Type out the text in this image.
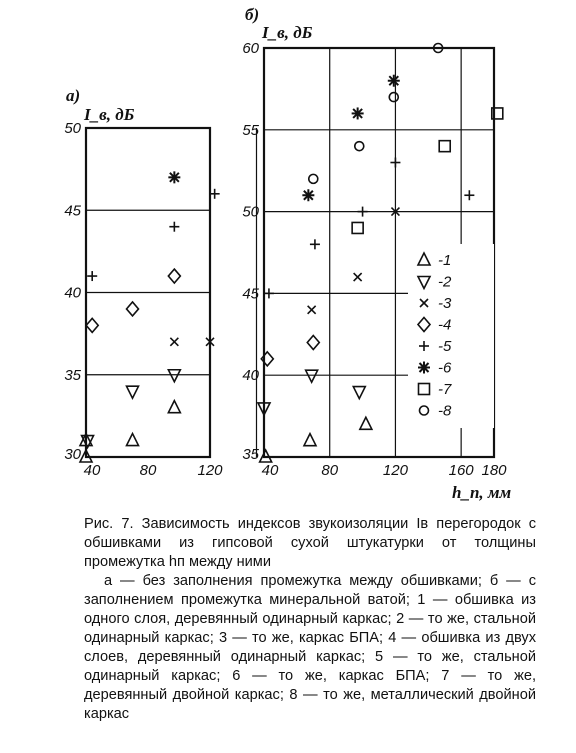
а)
I_в, дБ
30
35
40
45
50
40	80	120
б)
I_в, дБ
35
40
45
50
55
60
40	80	120	160 180
h_п, мм
-1
-2
-3
-4
-5
-6
-7
-8

Рис. 7. Зависимость индексов звукоизоляции Iв перегородок с обшивками из гипсовой сухой штукатурки от толщины промежутка hп между ними

а — без заполнения промежутка между обшивками; б — с заполнением промежутка минеральной ватой; 1 — обшивка из одного слоя, деревянный одинарный каркас; 2 — то же, стальной одинарный каркас; 3 — то же, каркас БПА; 4 — обшивка из двух слоев, деревянный одинарный каркас; 5 — то же, стальной одинарный каркас; 6 — то же, каркас БПА; 7 — то же, деревянный двойной каркас; 8 — то же, металлический двойной каркас
